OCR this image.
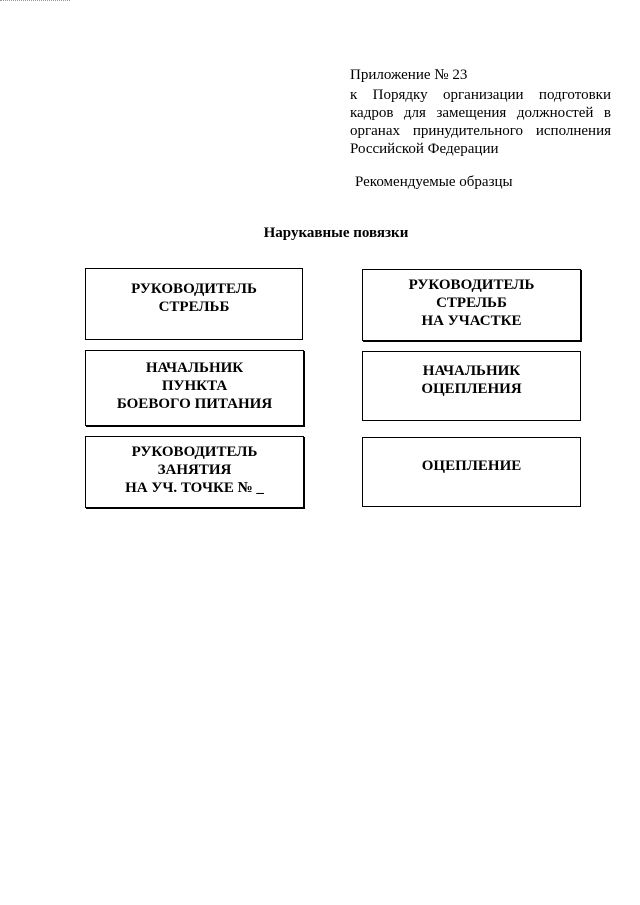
Приложение № 23
к Порядку организации подготовки кадров для замещения должностей в органах принудительного исполнения Российской Федерации
Рекомендуемые образцы
Нарукавные повязки
РУКОВОДИТЕЛЬ
СТРЕЛЬБ
РУКОВОДИТЕЛЬ
СТРЕЛЬБ
НА УЧАСТКЕ
НАЧАЛЬНИК
ПУНКТА
БОЕВОГО ПИТАНИЯ
НАЧАЛЬНИК
ОЦЕПЛЕНИЯ
РУКОВОДИТЕЛЬ
ЗАНЯТИЯ
НА УЧ. ТОЧКЕ № _
ОЦЕПЛЕНИЕ
